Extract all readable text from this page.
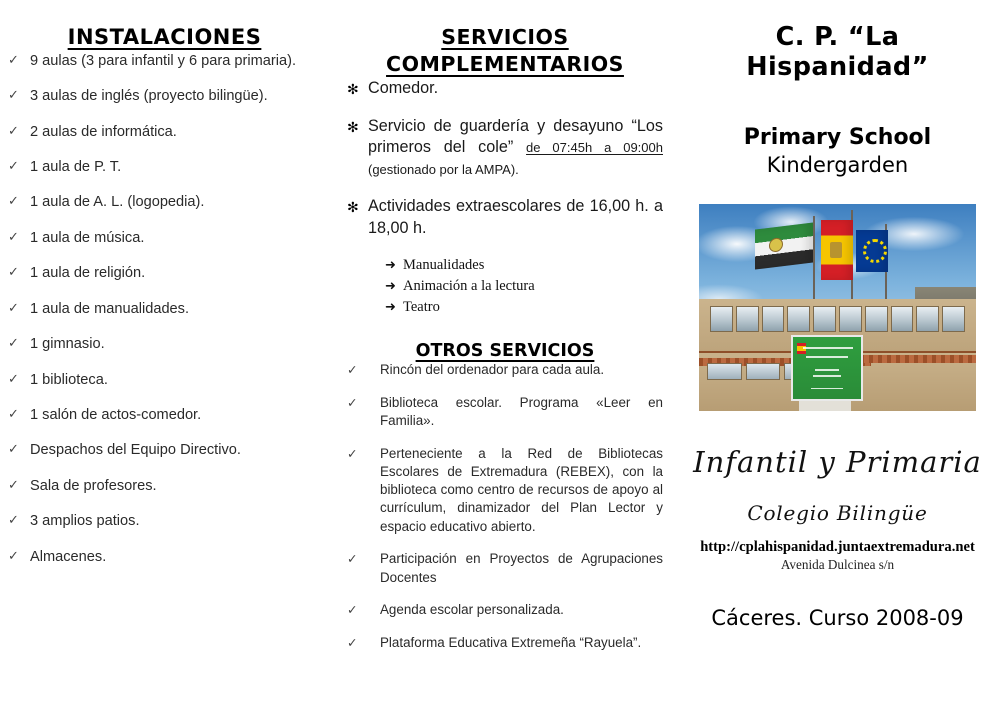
INSTALACIONES
✓ 9 aulas (3 para infantil y 6 para primaria).
✓ 3 aulas de inglés (proyecto bilingüe).
✓ 2 aulas de informática.
✓ 1 aula de P. T.
✓ 1 aula de A. L. (logopedia).
✓ 1 aula de música.
✓ 1 aula de religión.
✓ 1 aula de manualidades.
✓ 1 gimnasio.
✓ 1 biblioteca.
✓ 1 salón de actos-comedor.
✓ Despachos del Equipo Directivo.
✓ Sala de profesores.
✓ 3 amplios patios.
✓ Almacenes.
SERVICIOS
COMPLEMENTARIOS
✻ Comedor.
✻ Servicio de guardería y desayuno “Los primeros del cole” de 07:45h a 09:00h (gestionado por la AMPA).
✻ Actividades extraescolares de 16,00 h. a 18,00 h.
➜ Manualidades
➜ Animación a la lectura
➜ Teatro
OTROS SERVICIOS
✓	Rincón del ordenador para cada aula.
✓	Biblioteca escolar. Programa «Leer en Familia».
✓	Perteneciente a la Red de Bibliotecas Escolares de Extremadura (REBEX), con la biblioteca como centro de recursos de apoyo al currículum, dinamizador del Plan Lector y espacio educativo abierto.
✓	Participación en Proyectos de Agrupaciones Docentes
✓	Agenda escolar personalizada.
✓	Plataforma Educativa Extremeña “Rayuela”.
C. P. “La Hispanidad”
Primary School
Kindergarden
Infantil y Primaria
Colegio Bilingüe
http://cplahispanidad.juntaextremadura.net
Avenida Dulcinea s/n
Cáceres. Curso 2008-09
